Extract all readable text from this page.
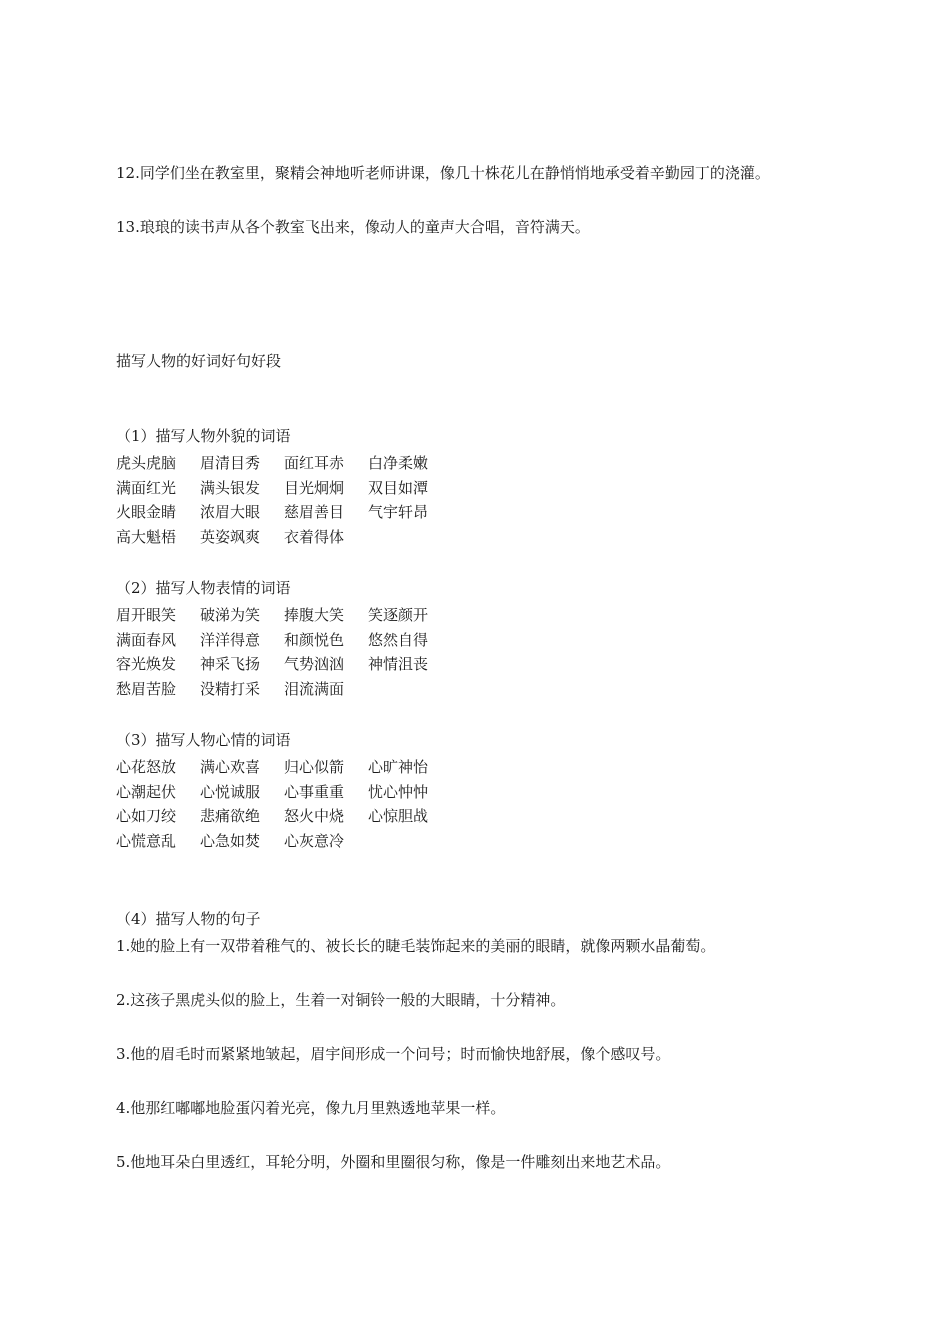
12.同学们坐在教室里，聚精会神地听老师讲课，像几十株花儿在静悄悄地承受着辛勤园丁的浇灌。
13.琅琅的读书声从各个教室飞出来，像动人的童声大合唱，音符满天。
描写人物的好词好句好段
（1）描写人物外貌的词语
虎头虎脑 眉清目秀 面红耳赤 白净柔嫩
满面红光 满头银发 目光炯炯 双目如潭
火眼金睛 浓眉大眼 慈眉善目 气宇轩昂
高大魁梧 英姿飒爽 衣着得体
（2）描写人物表情的词语
眉开眼笑 破涕为笑 捧腹大笑 笑逐颜开
满面春风 洋洋得意 和颜悦色 悠然自得
容光焕发 神采飞扬 气势汹汹 神情沮丧
愁眉苦脸 没精打采 泪流满面
（3）描写人物心情的词语
心花怒放 满心欢喜 归心似箭 心旷神怡
心潮起伏 心悦诚服 心事重重 忧心忡忡
心如刀绞 悲痛欲绝 怒火中烧 心惊胆战
心慌意乱 心急如焚 心灰意冷
（4）描写人物的句子
1.她的脸上有一双带着稚气的、被长长的睫毛装饰起来的美丽的眼睛，就像两颗水晶葡萄。
2.这孩子黑虎头似的脸上，生着一对铜铃一般的大眼睛，十分精神。
3.他的眉毛时而紧紧地皱起，眉宇间形成一个问号；时而愉快地舒展，像个感叹号。
4.他那红嘟嘟地脸蛋闪着光亮，像九月里熟透地苹果一样。
5.他地耳朵白里透红，耳轮分明，外圈和里圈很匀称，像是一件雕刻出来地艺术品。
